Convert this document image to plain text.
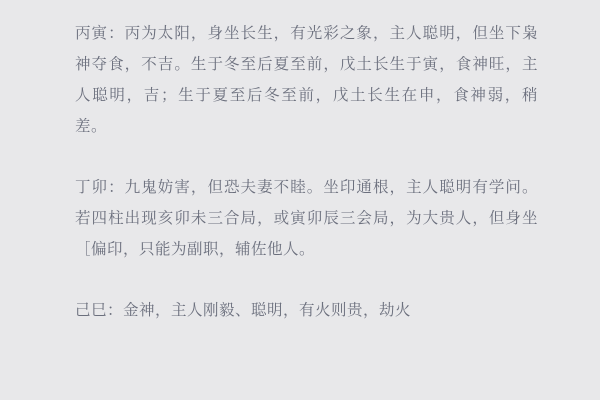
丙寅：丙为太阳，身坐长生，有光彩之象，主人聪明，但坐下枭神夺食，不吉。生于冬至后夏至前，戊土长生于寅，食神旺，主人聪明，吉；生于夏至后冬至前，戊土长生在申，食神弱，稍差。

丁卯：九鬼妨害，但恐夫妻不睦。坐印通根，主人聪明有学问。若四柱出现亥卯未三合局，或寅卯辰三会局，为大贵人，但身坐［偏印，只能为副职，辅佐他人。

己巳：金神，主人刚毅、聪明，有火则贵，劫火
